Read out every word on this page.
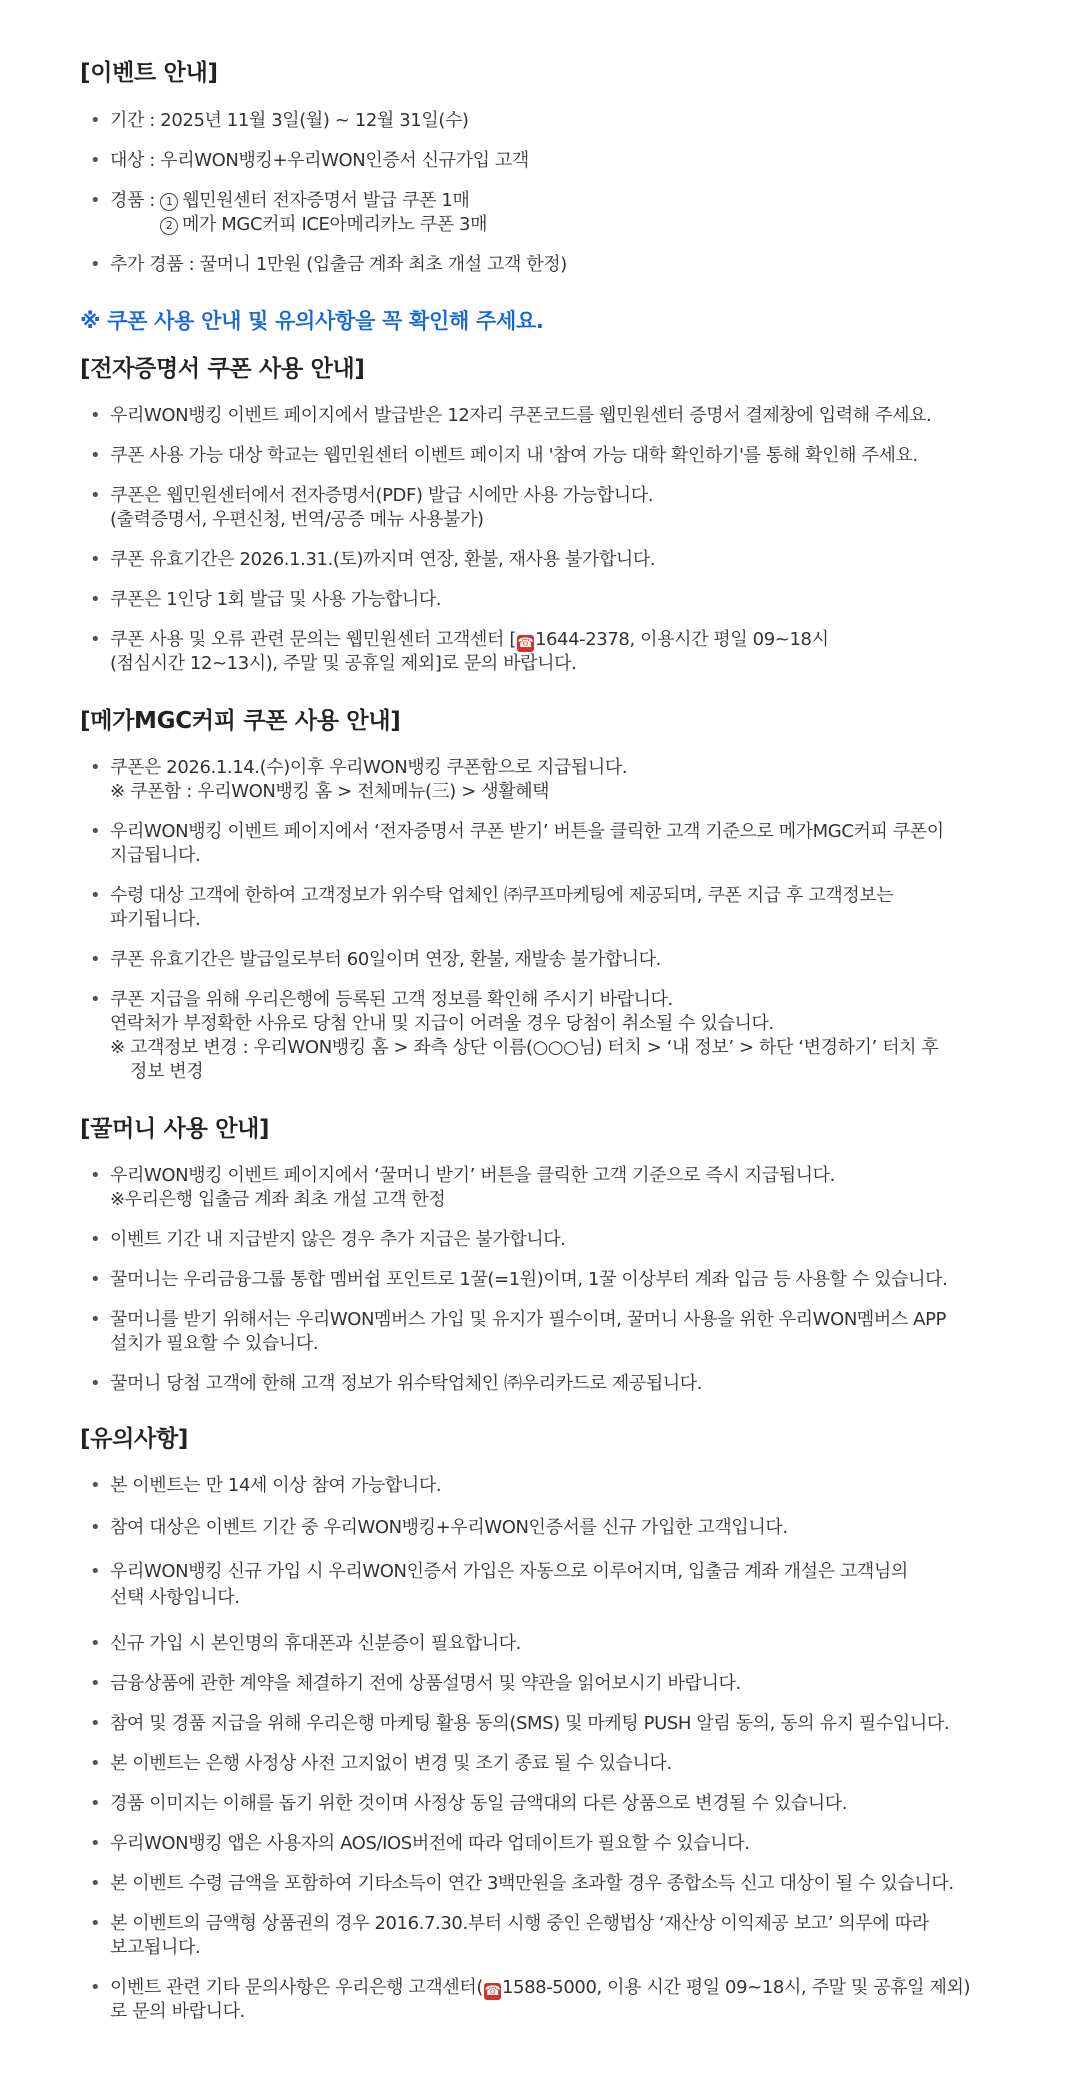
[이벤트 안내]
• 기간 : 2025년 11월 3일(월) ~ 12월 31일(수)
• 대상 : 우리WON뱅킹+우리WON인증서 신규가입 고객
• 경품 : 1 웹민원센터 전자증명서 발급 쿠폰 1매
2 메가 MGC커피 ICE아메리카노 쿠폰 3매
• 추가 경품 : 꿀머니 1만원 (입출금 계좌 최초 개설 고객 한정)
※ 쿠폰 사용 안내 및 유의사항을 꼭 확인해 주세요.
[전자증명서 쿠폰 사용 안내]
• 우리WON뱅킹 이벤트 페이지에서 발급받은 12자리 쿠폰코드를 웹민원센터 증명서 결제창에 입력해 주세요.
• 쿠폰 사용 가능 대상 학교는 웹민원센터 이벤트 페이지 내 '참여 가능 대학 확인하기'를 통해 확인해 주세요.
• 쿠폰은 웹민원센터에서 전자증명서(PDF) 발급 시에만 사용 가능합니다.
(출력증명서, 우편신청, 번역/공증 메뉴 사용불가)
• 쿠폰 유효기간은 2026.1.31.(토)까지며 연장, 환불, 재사용 불가합니다.
• 쿠폰은 1인당 1회 발급 및 사용 가능합니다.
• 쿠폰 사용 및 오류 관련 문의는 웹민원센터 고객센터 [ ☎1644-2378, 이용시간 평일 09~18시
(점심시간 12~13시), 주말 및 공휴일 제외]로 문의 바랍니다.
[메가MGC커피 쿠폰 사용 안내]
• 쿠폰은 2026.1.14.(수)이후 우리WON뱅킹 쿠폰함으로 지급됩니다.
※ 쿠폰함 : 우리WON뱅킹 홈 > 전체메뉴(三) > 생활혜택
• 우리WON뱅킹 이벤트 페이지에서 ‘전자증명서 쿠폰 받기’ 버튼을 클릭한 고객 기준으로 메가MGC커피 쿠폰이
지급됩니다.
• 수령 대상 고객에 한하여 고객정보가 위수탁 업체인 ㈜쿠프마케팅에 제공되며, 쿠폰 지급 후 고객정보는
파기됩니다.
• 쿠폰 유효기간은 발급일로부터 60일이며 연장, 환불, 재발송 불가합니다.
• 쿠폰 지급을 위해 우리은행에 등록된 고객 정보를 확인해 주시기 바랍니다.
연락처가 부정확한 사유로 당첨 안내 및 지급이 어려울 경우 당첨이 취소될 수 있습니다.
※ 고객정보 변경 : 우리WON뱅킹 홈 > 좌측 상단 이름(○○○님) 터치 > ‘내 정보’ > 하단 ‘변경하기’ 터치 후
정보 변경
[꿀머니 사용 안내]
• 우리WON뱅킹 이벤트 페이지에서 ‘꿀머니 받기’ 버튼을 클릭한 고객 기준으로 즉시 지급됩니다.
※우리은행 입출금 계좌 최초 개설 고객 한정
• 이벤트 기간 내 지급받지 않은 경우 추가 지급은 불가합니다.
• 꿀머니는 우리금융그룹 통합 멤버쉽 포인트로 1꿀(=1원)이며, 1꿀 이상부터 계좌 입금 등 사용할 수 있습니다.
• 꿀머니를 받기 위해서는 우리WON멤버스 가입 및 유지가 필수이며, 꿀머니 사용을 위한 우리WON멤버스 APP
설치가 필요할 수 있습니다.
• 꿀머니 당첨 고객에 한해 고객 정보가 위수탁업체인 ㈜우리카드로 제공됩니다.
[유의사항]
• 본 이벤트는 만 14세 이상 참여 가능합니다.
• 참여 대상은 이벤트 기간 중 우리WON뱅킹+우리WON인증서를 신규 가입한 고객입니다.
• 우리WON뱅킹 신규 가입 시 우리WON인증서 가입은 자동으로 이루어지며, 입출금 계좌 개설은 고객님의
선택 사항입니다.
• 신규 가입 시 본인명의 휴대폰과 신분증이 필요합니다.
• 금융상품에 관한 계약을 체결하기 전에 상품설명서 및 약관을 읽어보시기 바랍니다.
• 참여 및 경품 지급을 위해 우리은행 마케팅 활용 동의(SMS) 및 마케팅 PUSH 알림 동의, 동의 유지 필수입니다.
• 본 이벤트는 은행 사정상 사전 고지없이 변경 및 조기 종료 될 수 있습니다.
• 경품 이미지는 이해를 돕기 위한 것이며 사정상 동일 금액대의 다른 상품으로 변경될 수 있습니다.
• 우리WON뱅킹 앱은 사용자의 AOS/IOS버전에 따라 업데이트가 필요할 수 있습니다.
• 본 이벤트 수령 금액을 포함하여 기타소득이 연간 3백만원을 초과할 경우 종합소득 신고 대상이 될 수 있습니다.
• 본 이벤트의 금액형 상품권의 경우 2016.7.30.부터 시행 중인 은행법상 ‘재산상 이익제공 보고’ 의무에 따라
보고됩니다.
• 이벤트 관련 기타 문의사항은 우리은행 고객센터( ☎1588-5000, 이용 시간 평일 09~18시, 주말 및 공휴일 제외)
로 문의 바랍니다.
